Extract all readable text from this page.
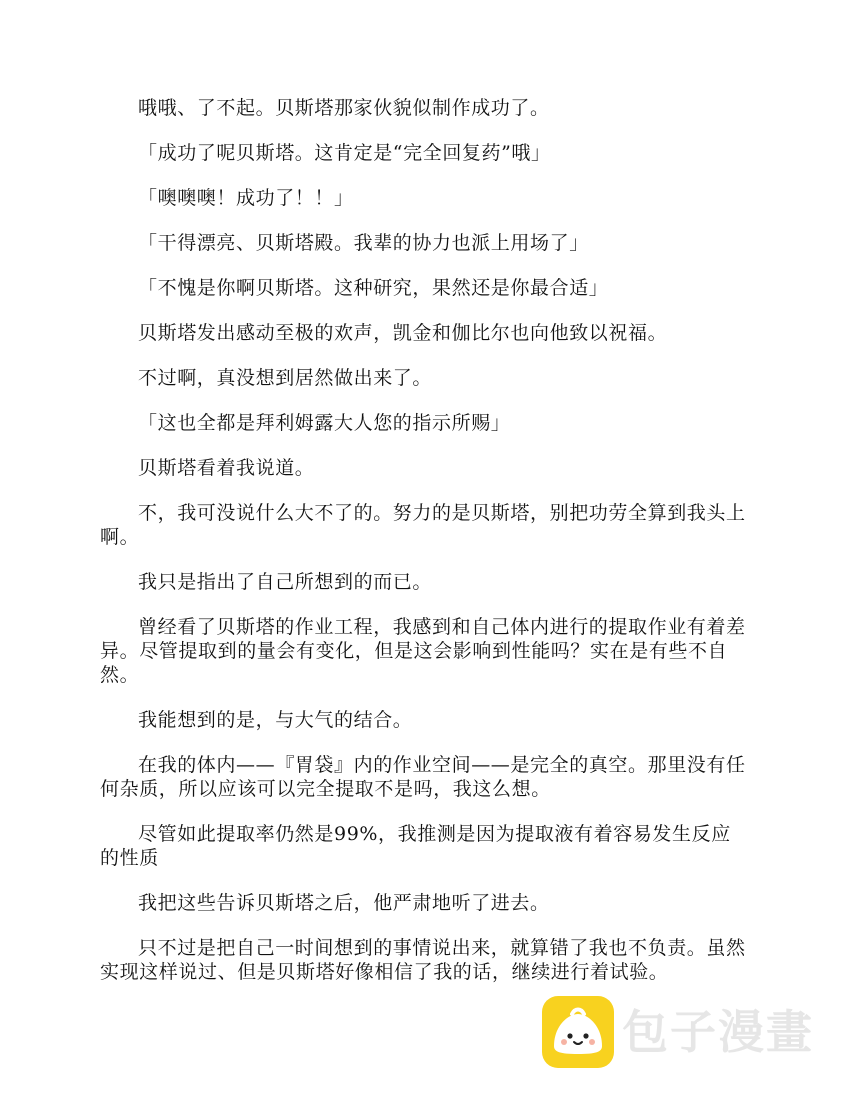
哦哦、了不起。贝斯塔那家伙貌似制作成功了。

「成功了呢贝斯塔。这肯定是“完全回复药”哦」

「噢噢噢！成功了！！」

「干得漂亮、贝斯塔殿。我辈的协力也派上用场了」

「不愧是你啊贝斯塔。这种研究，果然还是你最合适」

贝斯塔发出感动至极的欢声，凯金和伽比尔也向他致以祝福。

不过啊，真没想到居然做出来了。

「这也全都是拜利姆露大人您的指示所赐」

贝斯塔看着我说道。

不，我可没说什么大不了的。努力的是贝斯塔，别把功劳全算到我头上啊。

我只是指出了自己所想到的而已。

曾经看了贝斯塔的作业工程，我感到和自己体内进行的提取作业有着差异。尽管提取到的量会有变化，但是这会影响到性能吗？实在是有些不自然。

我能想到的是，与大气的结合。

在我的体内——『胃袋』内的作业空间——是完全的真空。那里没有任何杂质，所以应该可以完全提取不是吗，我这么想。

尽管如此提取率仍然是99%，我推测是因为提取液有着容易发生反应的性质

我把这些告诉贝斯塔之后，他严肃地听了进去。

只不过是把自己一时间想到的事情说出来，就算错了我也不负责。虽然实现这样说过、但是贝斯塔好像相信了我的话，继续进行着试验。

包子漫畫
